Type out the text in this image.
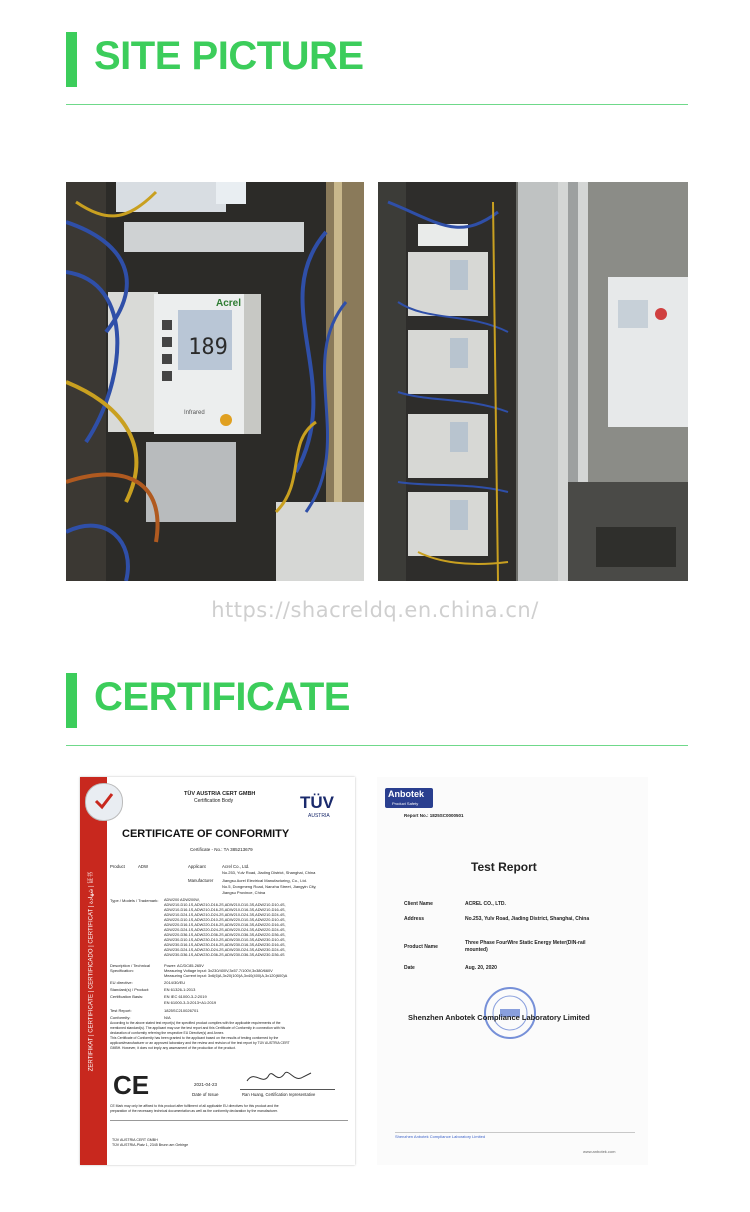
SITE PICTURE
189
Acrel
Infrared
https://shacreldq.en.china.cn/
CERTIFICATE
ZERTIFIKAT | CERTIFICATE | CERTIFICADO | CERTIFICAT | شهادة | 证书
TÜV AUSTRIA CERT GMBH
Certification Body	TÜV
AUSTRIA
CERTIFICATE OF CONFORMITY
Certificate - No.: TA 385213679
Product	ADW	Applicant	Acrel Co., Ltd.
No.253, Yulv Road, Jiading District, Shanghai, China
Manufacturer Jiangsu Acrel Electrical Manufacturing, Co., Ltd.
No.5, Dongmeng Road, Nanzha Street, Jiangyin City,
Jiangsu Province, China
Type / Models / Trademark:	ADW200 ADW200W,
ADW210-D10-1S,ADW210-D16-2S,ADW210-D10-3S,ADW210-D10-4S,
ADW210-D16-1S,ADW210-D16-2S,ADW210-D16-3S,ADW210-D16-4S,
ADW210-D24-1S,ADW210-D24-2S,ADW210-D24-3S,ADW210-D24-4S,
ADW220-D10-1S,ADW220-D10-2S,ADW220-D10-3S,ADW220-D10-4S,
ADW220-D16-1S,ADW220-D16-2S,ADW220-D16-3S,ADW220-D16-4S,
ADW220-D24-1S,ADW220-D24-2S,ADW220-D24-3S,ADW220-D24-4S,
ADW220-D36-1S,ADW220-D36-2S,ADW220-D36-3S,ADW220-D36-4S,
ADW230-D10-1S,ADW230-D10-2S,ADW230-D10-3S,ADW230-D10-4S,
ADW230-D16-1S,ADW230-D16-2S,ADW230-D16-3S,ADW230-D16-4S,
ADW230-D24-1S,ADW230-D24-2S,ADW230-D24-3S,ADW230-D24-4S,
ADW230-D36-1S,ADW230-D36-2S,ADW230-D36-3S,ADW230-D36-4S
Description / Technical Specification:
Power: AC/DC85-265V
Measuring Voltage input: 3x230/400V,3x57.7/100V,3x380/660V
Measuring Current input: 3x6(6)A,3x20(100)A,3x40(400)A,3x120(600)A
EU directive:	2014/30/EU
Standard(s) / Product:	EN 61326-1:2013
Certification Basis:	EN IEC 61000-3-2:2019
EN 61000-3-3:2013+A1:2019
Test Report:	1825SC210026701
Conformity:	N/A
According to the above stated test report(s) the specified product complies with the applicable requirements of the
mentioned standard(s). The applicant may use the test report and this Certificate of Conformity in connection with his
declaration of conformity referring the respective EU Directive(s) and Annex.
This Certificate of Conformity has been granted to the applicant based on the results of testing conformed by the
applicant/manufacturer or an approved laboratory and the review and revision of the test report by TÜV AUSTRIA CERT
GMBH. However, it does not imply any assessment of the production of the product.
CE	2021-04-23
Date of Issue	Ran Huang, Certification representative
CE Mark may only be affixed to this product after fulfilment of all applicable EU directives for this product and the
preparation of the necessary technical documentation as well as the conformity declaration by the manufacturer.
TÜV AUSTRIA CERT GMBH
TÜV AUSTRIA-Platz 1, 2345 Brunn am Gebirge
Anbotek
Product Safety
Report No.: 1825SC0000501
Test Report
Client Name	ACREL CO., LTD.
Address	No.253, Yulv Road, Jiading District, Shanghai, China
Product Name
Three Phase FourWire Static Energy Meter(DIN-rail
mounted)
Date	Aug. 20, 2020
Shenzhen Anbotek Compliance Laboratory Limited
Shenzhen Anbotek Compliance Laboratory Limited
www.anbotek.com
